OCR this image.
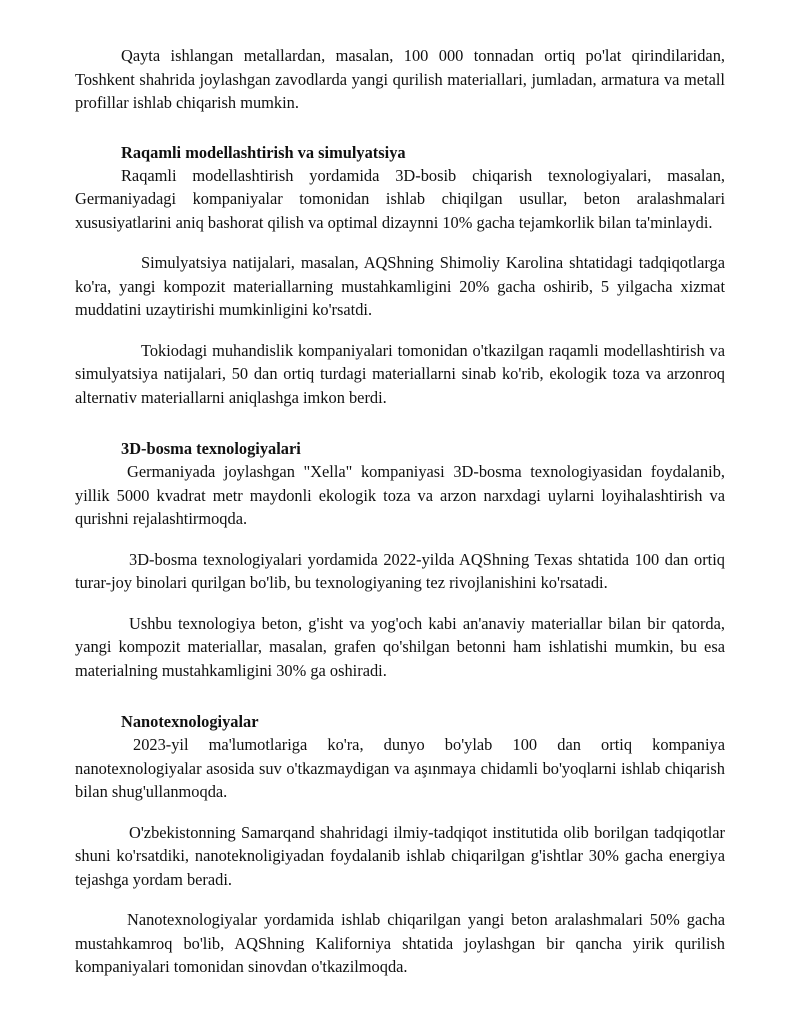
Qayta ishlangan metallardan, masalan, 100 000 tonnadan ortiq po'lat qirindilaridan, Toshkent shahrida joylashgan zavodlarda yangi qurilish materiallari, jumladan, armatura va metall profillar ishlab chiqarish mumkin.

Raqamli modellashtirish va simulyatsiya

Raqamli modellashtirish yordamida 3D-bosib chiqarish texnologiyalari, masalan, Germaniyadagi kompaniyalar tomonidan ishlab chiqilgan usullar, beton aralashmalari xususiyatlarini aniq bashorat qilish va optimal dizaynni 10% gacha tejamkorlik bilan ta'minlaydi.

Simulyatsiya natijalari, masalan, AQShning Shimoliy Karolina shtatidagi tadqiqotlarga ko'ra, yangi kompozit materiallarning mustahkamligini 20% gacha oshirib, 5 yilgacha xizmat muddatini uzaytirishi mumkinligini ko'rsatdi.

Tokiodagi muhandislik kompaniyalari tomonidan o'tkazilgan raqamli modellashtirish va simulyatsiya natijalari, 50 dan ortiq turdagi materiallarni sinab ko'rib, ekologik toza va arzonroq alternativ materiallarni aniqlashga imkon berdi.

3D-bosma texnologiyalari

Germaniyada joylashgan "Xella" kompaniyasi 3D-bosma texnologiyasidan foydalanib, yillik 5000 kvadrat metr maydonli ekologik toza va arzon narxdagi uylarni loyihalashtirish va qurishni rejalashtirmoqda.

3D-bosma texnologiyalari yordamida 2022-yilda AQShning Texas shtatida 100 dan ortiq turar-joy binolari qurilgan bo'lib, bu texnologiyaning tez rivojlanishini ko'rsatadi.

Ushbu texnologiya beton, g'isht va yog'och kabi an'anaviy materiallar bilan bir qatorda, yangi kompozit materiallar, masalan, grafen qo'shilgan betonni ham ishlatishi mumkin, bu esa materialning mustahkamligini 30% ga oshiradi.

Nanotexnologiyalar

2023-yil ma'lumotlariga ko'ra, dunyo bo'ylab 100 dan ortiq kompaniya nanotexnologiyalar asosida suv o'tkazmaydigan va aşınmaya chidamli bo'yoqlarni ishlab chiqarish bilan shug'ullanmoqda.

O'zbekistonning Samarqand shahridagi ilmiy-tadqiqot institutida olib borilgan tadqiqotlar shuni ko'rsatdiki, nanoteknoligiyadan foydalanib ishlab chiqarilgan g'ishtlar 30% gacha energiya tejashga yordam beradi.

Nanotexnologiyalar yordamida ishlab chiqarilgan yangi beton aralashmalari 50% gacha mustahkamroq bo'lib, AQShning Kaliforniya shtatida joylashgan bir qancha yirik qurilish kompaniyalari tomonidan sinovdan o'tkazilmoqda.
